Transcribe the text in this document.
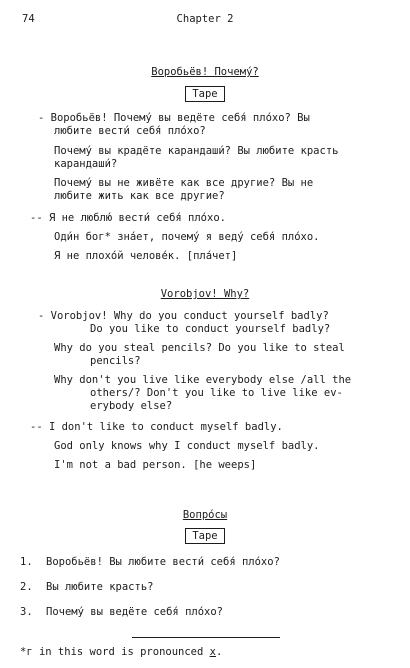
74	Chapter 2
Воробьёв! Почему́?
Tape
- Воробьёв! Почему́ вы ведёте себя́ пло́хо? Вы
любите вести́ себя́ пло́хо?
Почему́ вы крадёте карандаши́? Вы любите красть
карандаши́?
Почему́ вы не живёте как все другие? Вы не
любите жить как все другие?
-- Я не люблю́ вести́ себя́ пло́хо.
Оди́н бог* зна́ет, почему́ я веду́ себя́ пло́хо.
Я не плохо́й челове́к. [пла́чет]
Vorobjov! Why?
- Vorobjov! Why do you conduct yourself badly?
Do you like to conduct yourself badly?
Why do you steal pencils? Do you like to steal
pencils?
Why don't you live like everybody else /all the
others/? Don't you like to live like ev-
erybody else?
-- I don't like to conduct myself badly.
God only knows why I conduct myself badly.
I'm not a bad person. [he weeps]
Вопро́сы
Tape
1. Воробьёв! Вы любите вести́ себя́ пло́хо?
2. Вы любите красть?
3. Почему́ вы ведёте себя́ пло́хо?
*г in this word is pronounced х.
